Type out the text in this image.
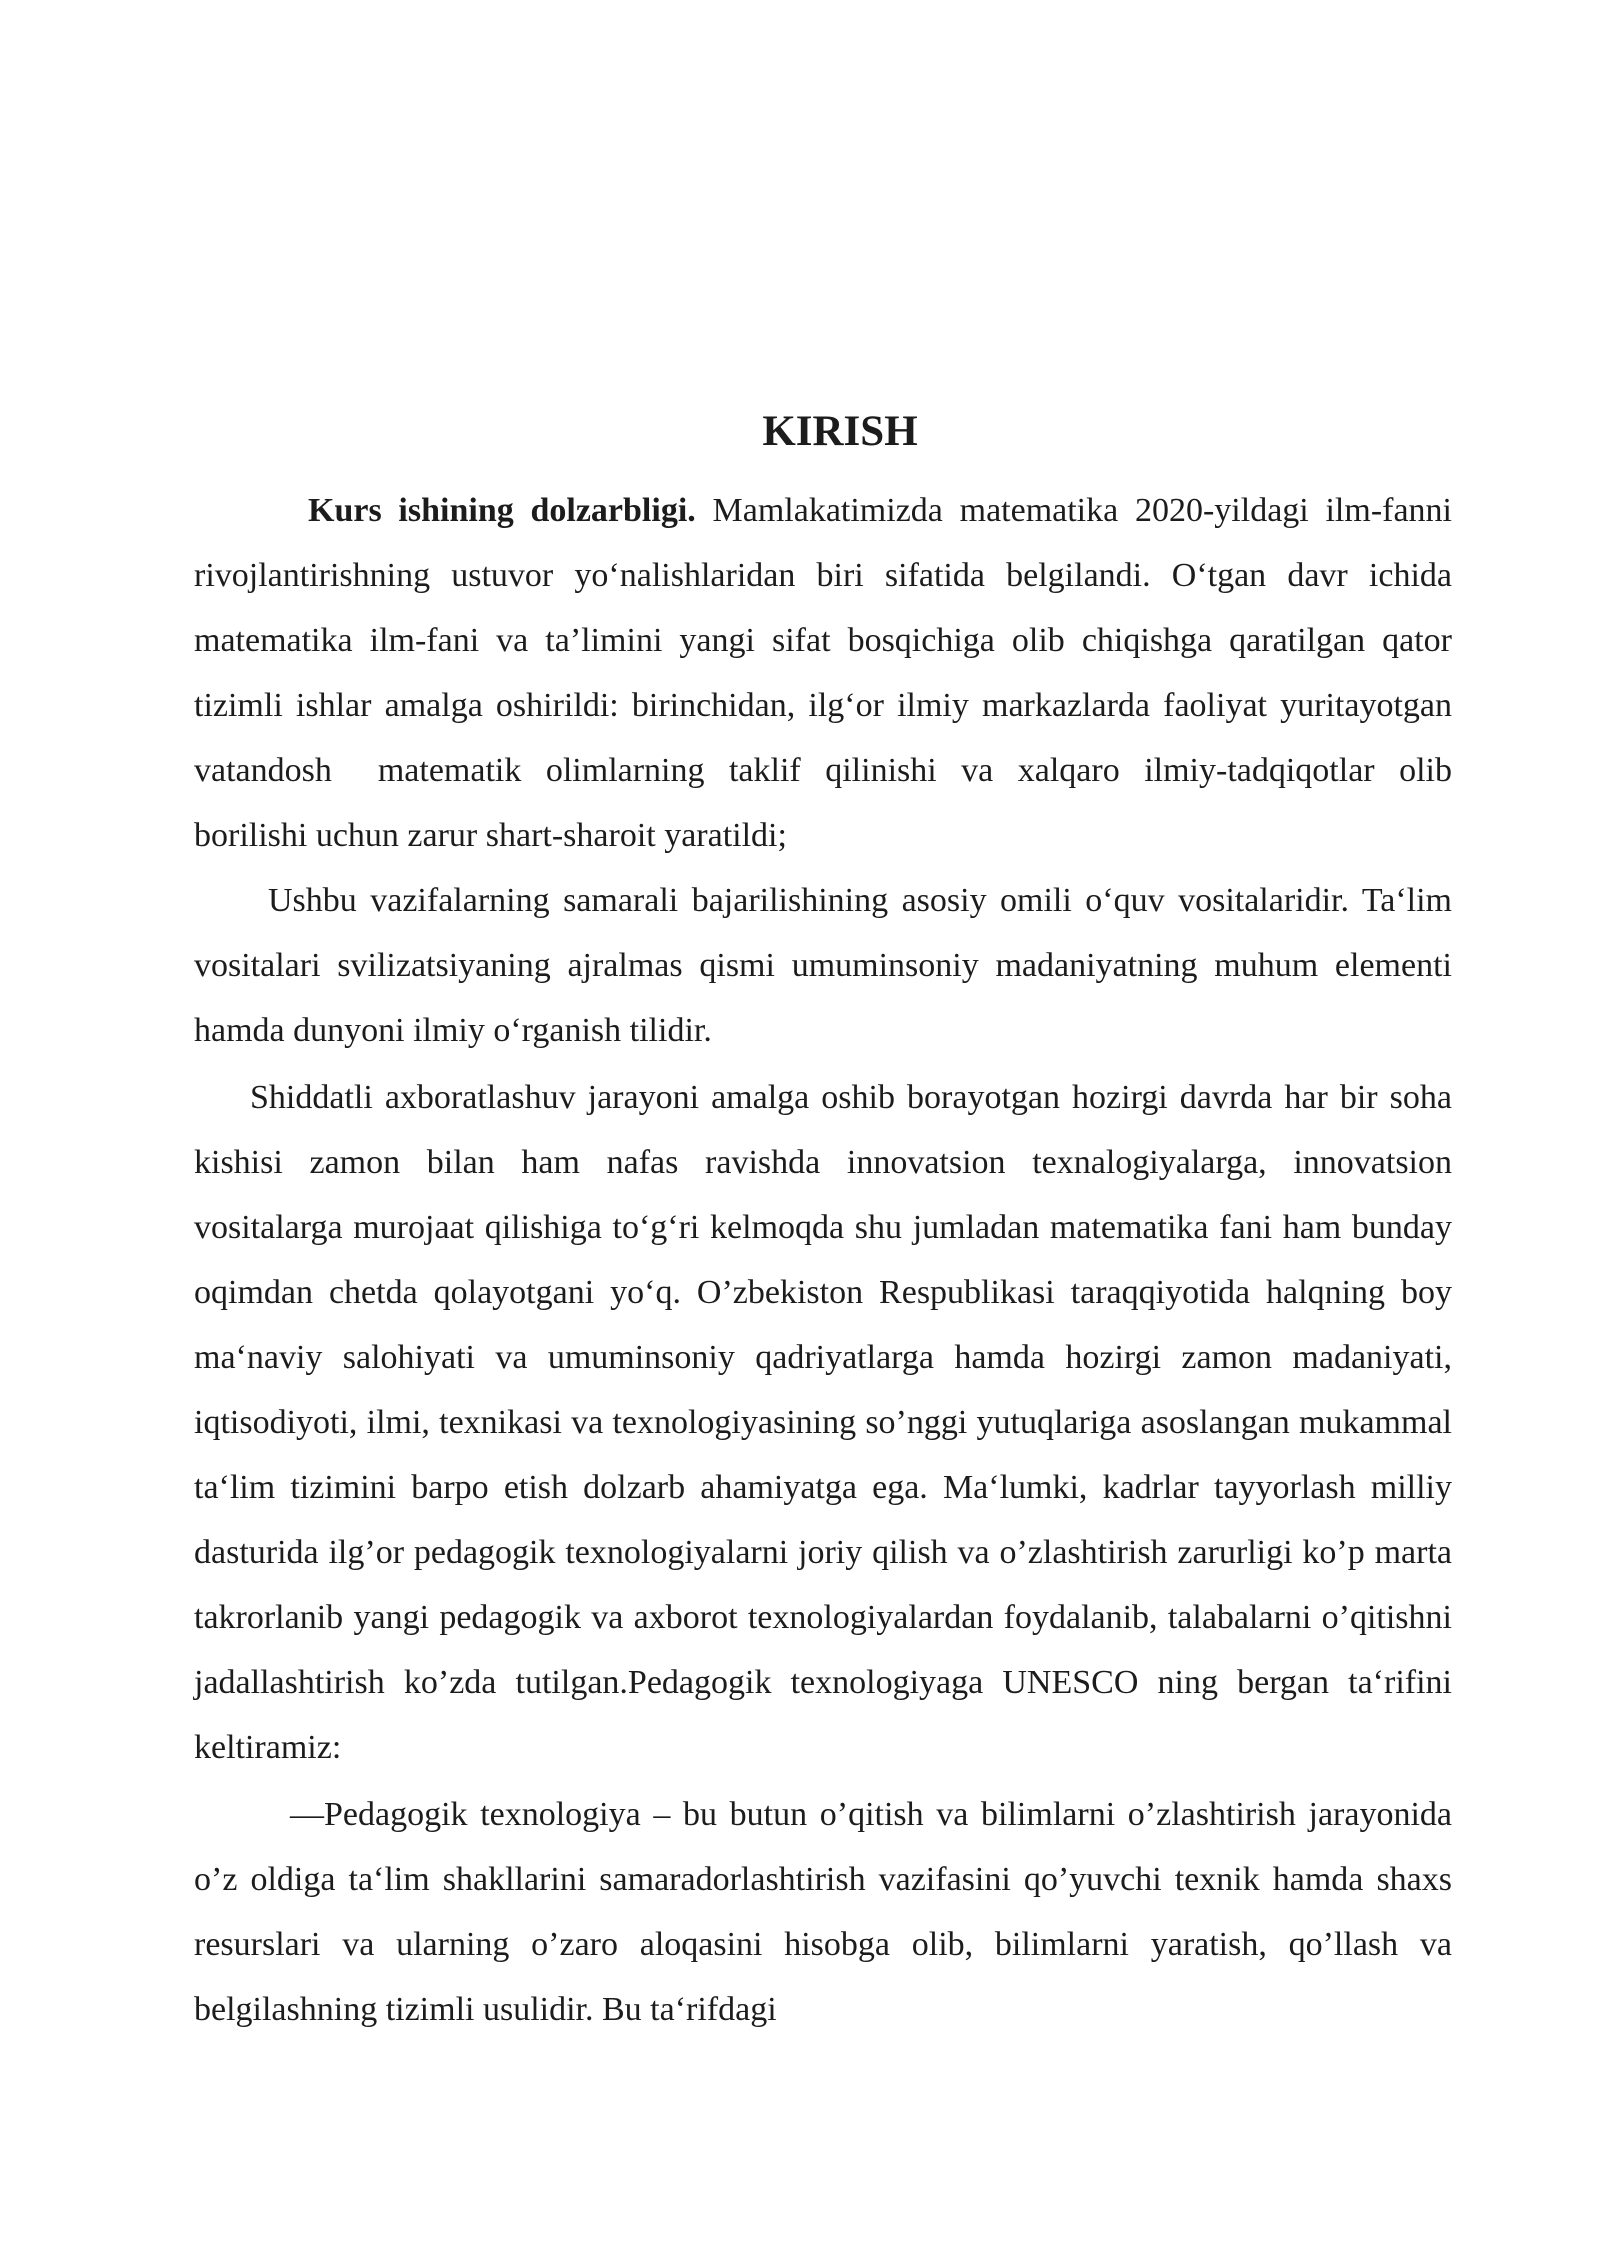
KIRISH

Kurs ishining dolzarbligi. Mamlakatimizda matematika 2020-yildagi ilm-fanni rivojlantirishning ustuvor yo‘nalishlaridan biri sifatida belgilandi. O‘tgan davr ichida matematika ilm-fani va ta’limini yangi sifat bosqichiga olib chiqishga qaratilgan qator tizimli ishlar amalga oshirildi: birinchidan, ilg‘or ilmiy markazlarda faoliyat yuritayotgan vatandosh matematik olimlarning taklif qilinishi va xalqaro ilmiy-tadqiqotlar olib borilishi uchun zarur shart-sharoit yaratildi;

Ushbu vazifalarning samarali bajarilishining asosiy omili o‘quv vositalaridir. Ta‘lim vositalari svilizatsiyaning ajralmas qismi umuminsoniy madaniyatning muhum elementi hamda dunyoni ilmiy o‘rganish tilidir.

Shiddatli axboratlashuv jarayoni amalga oshib borayotgan hozirgi davrda har bir soha kishisi zamon bilan ham nafas ravishda innovatsion texnalogiyalarga, innovatsion vositalarga murojaat qilishiga to‘g‘ri kelmoqda shu jumladan matematika fani ham bunday oqimdan chetda qolayotgani yo‘q. O’zbekiston Respublikasi taraqqiyotida halqning boy ma‘naviy salohiyati va umuminsoniy qadriyatlarga hamda hozirgi zamon madaniyati, iqtisodiyoti, ilmi, texnikasi va texnologiyasining so’nggi yutuqlariga asoslangan mukammal ta‘lim tizimini barpo etish dolzarb ahamiyatga ega. Ma‘lumki, kadrlar tayyorlash milliy dasturida ilg’or pedagogik texnologiyalarni joriy qilish va o’zlashtirish zarurligi ko’p marta takrorlanib yangi pedagogik va axborot texnologiyalardan foydalanib, talabalarni o’qitishni jadallashtirish ko’zda tutilgan.Pedagogik texnologiyaga UNESCO ning bergan ta‘rifini keltiramiz:

—Pedagogik texnologiya – bu butun o’qitish va bilimlarni o’zlashtirish jarayonida o’z oldiga ta‘lim shakllarini samaradorlashtirish vazifasini qo’yuvchi texnik hamda shaxs resurslari va ularning o’zaro aloqasini hisobga olib, bilimlarni yaratish, qo’llash va belgilashning tizimli usulidir. Bu ta‘rifdagi
